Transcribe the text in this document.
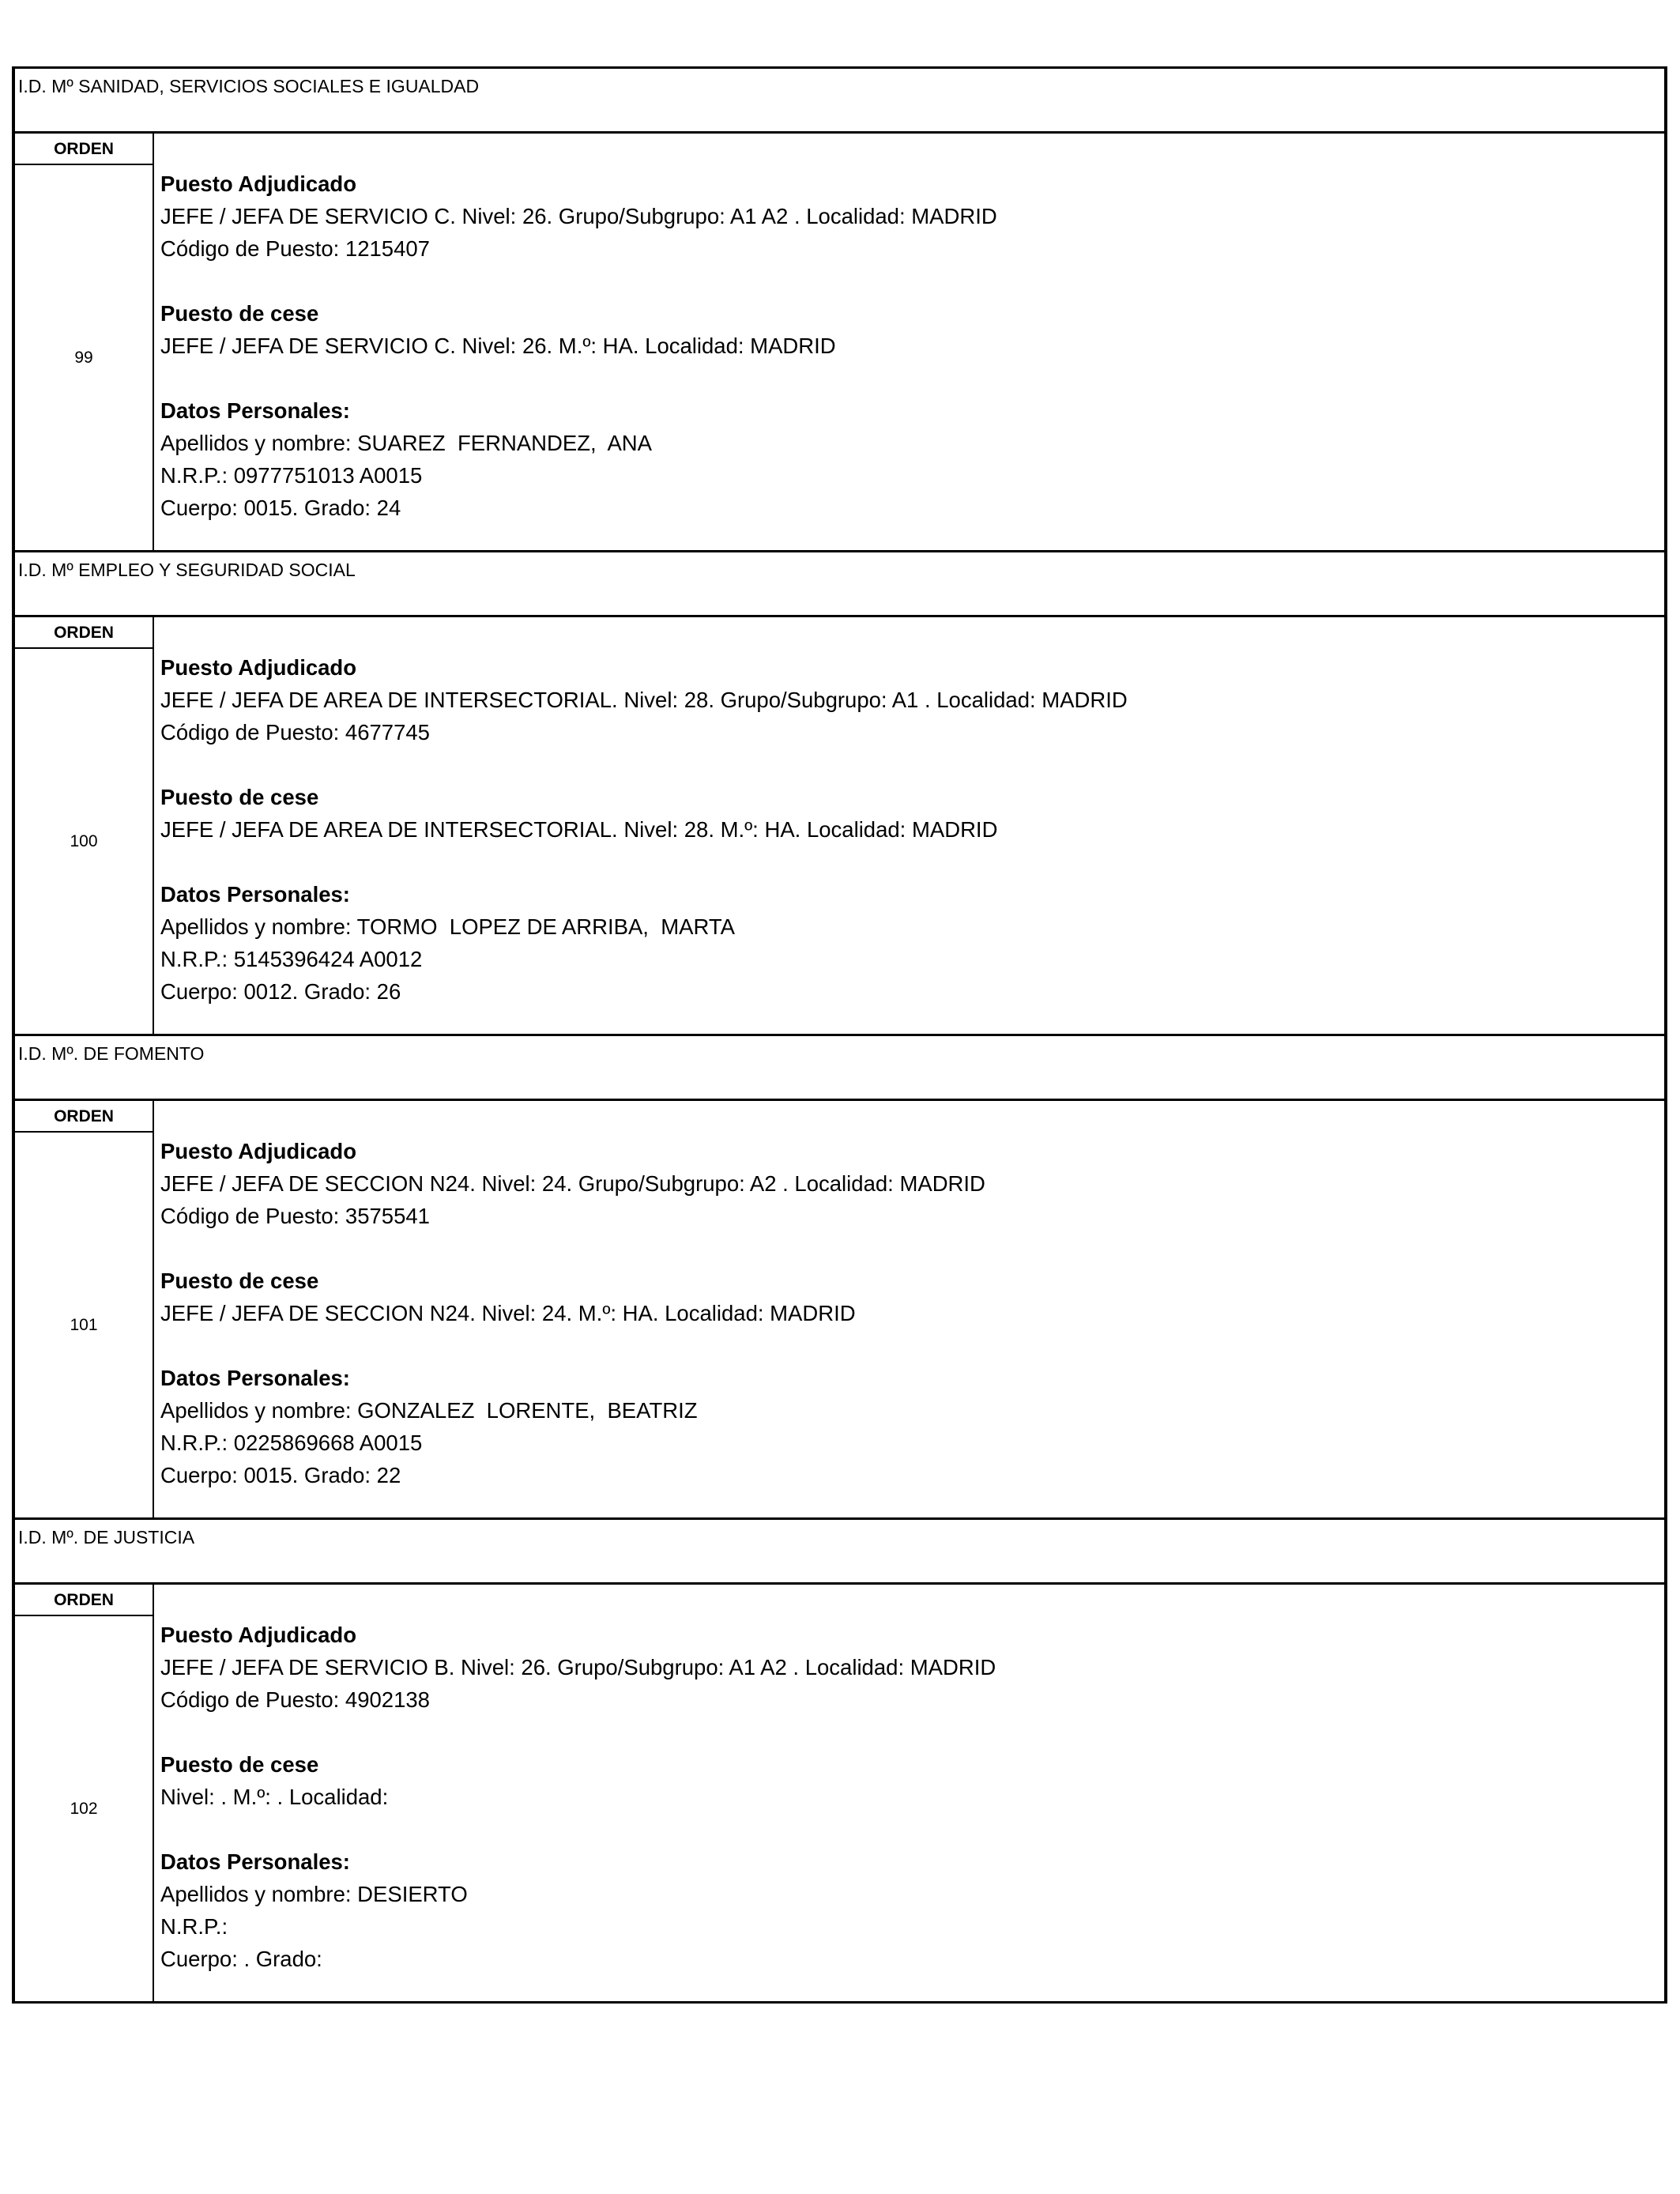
I.D. Mº SANIDAD, SERVICIOS SOCIALES E IGUALDAD
ORDEN
99
Puesto Adjudicado
JEFE / JEFA DE SERVICIO C. Nivel: 26. Grupo/Subgrupo: A1 A2 . Localidad: MADRID
Código de Puesto: 1215407
Puesto de cese
JEFE / JEFA DE SERVICIO C. Nivel: 26. M.º: HA. Localidad: MADRID
Datos Personales:
Apellidos y nombre: SUAREZ  FERNANDEZ,  ANA
N.R.P.: 0977751013 A0015
Cuerpo: 0015. Grado: 24
I.D. Mº EMPLEO Y SEGURIDAD SOCIAL
ORDEN
100
Puesto Adjudicado
JEFE / JEFA DE AREA DE INTERSECTORIAL. Nivel: 28. Grupo/Subgrupo: A1 . Localidad: MADRID
Código de Puesto: 4677745
Puesto de cese
JEFE / JEFA DE AREA DE INTERSECTORIAL. Nivel: 28. M.º: HA. Localidad: MADRID
Datos Personales:
Apellidos y nombre: TORMO  LOPEZ DE ARRIBA,  MARTA
N.R.P.: 5145396424 A0012
Cuerpo: 0012. Grado: 26
I.D. Mº. DE FOMENTO
ORDEN
101
Puesto Adjudicado
JEFE / JEFA DE SECCION N24. Nivel: 24. Grupo/Subgrupo: A2 . Localidad: MADRID
Código de Puesto: 3575541
Puesto de cese
JEFE / JEFA DE SECCION N24. Nivel: 24. M.º: HA. Localidad: MADRID
Datos Personales:
Apellidos y nombre: GONZALEZ  LORENTE,  BEATRIZ
N.R.P.: 0225869668 A0015
Cuerpo: 0015. Grado: 22
I.D. Mº. DE JUSTICIA
ORDEN
102
Puesto Adjudicado
JEFE / JEFA DE SERVICIO B. Nivel: 26. Grupo/Subgrupo: A1 A2 . Localidad: MADRID
Código de Puesto: 4902138
Puesto de cese
Nivel: . M.º: . Localidad:
Datos Personales:
Apellidos y nombre: DESIERTO
N.R.P.:
Cuerpo: . Grado:
